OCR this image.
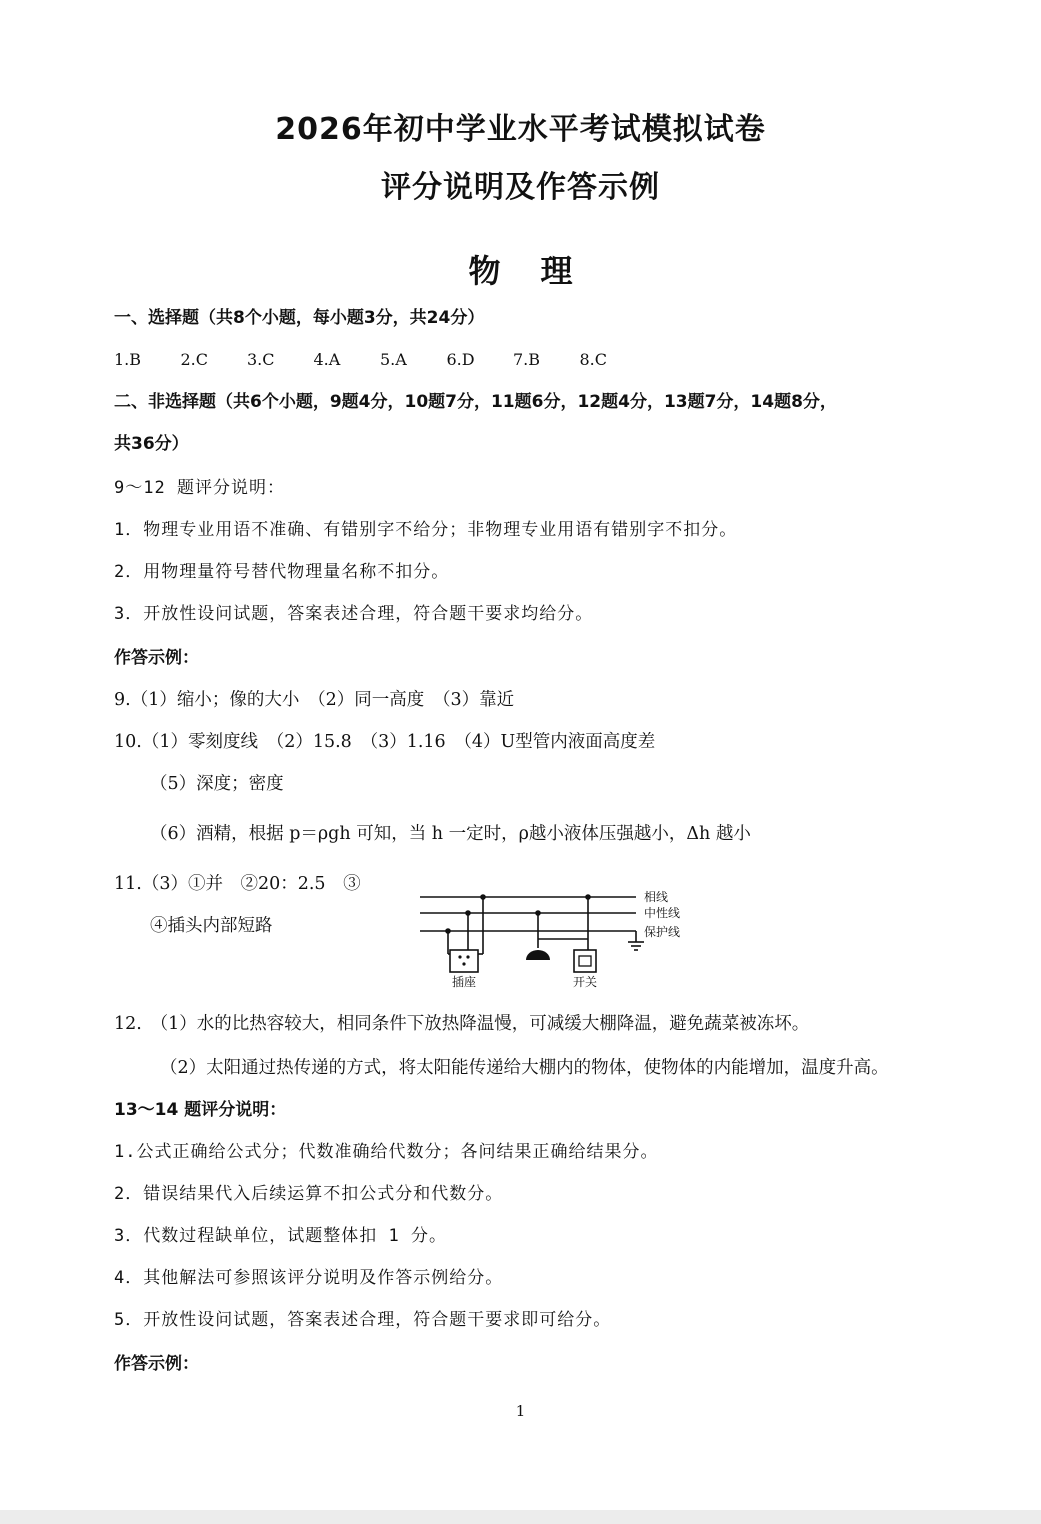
2026年初中学业水平考试模拟试卷
评分说明及作答示例
物理
一、选择题（共8个小题，每小题3分，共24分）
1.B	2.C	3.C	4.A	5.A	6.D	7.B	8.C
二、非选择题（共6个小题，9题4分，10题7分，11题6分，12题4分，13题7分，14题8分，
共36分）
9～12 题评分说明：
1．物理专业用语不准确、有错别字不给分；非物理专业用语有错别字不扣分。
2．用物理量符号替代物理量名称不扣分。
3．开放性设问试题，答案表述合理，符合题干要求均给分。
作答示例：
9.（1）缩小；像的大小　（2）同一高度　（3）靠近
10.（1）零刻度线　（2）15.8　（3）1.16　（4）U型管内液面高度差
（5）深度；密度
（6）酒精，根据 p＝ρgh 可知，当 h 一定时，ρ越小液体压强越小，Δh 越小
11.（3）①并　②20：2.5　③
④插头内部短路
相线
中性线
保护线
插座	开关
12.　（1）水的比热容较大，相同条件下放热降温慢，可减缓大棚降温，避免蔬菜被冻坏。
（2）太阳通过热传递的方式，将太阳能传递给大棚内的物体，使物体的内能增加，温度升高。
13～14 题评分说明：
1.公式正确给公式分；代数准确给代数分；各问结果正确给结果分。
2．错误结果代入后续运算不扣公式分和代数分。
3．代数过程缺单位，试题整体扣 1 分。
4．其他解法可参照该评分说明及作答示例给分。
5．开放性设问试题，答案表述合理，符合题干要求即可给分。
作答示例：
1
